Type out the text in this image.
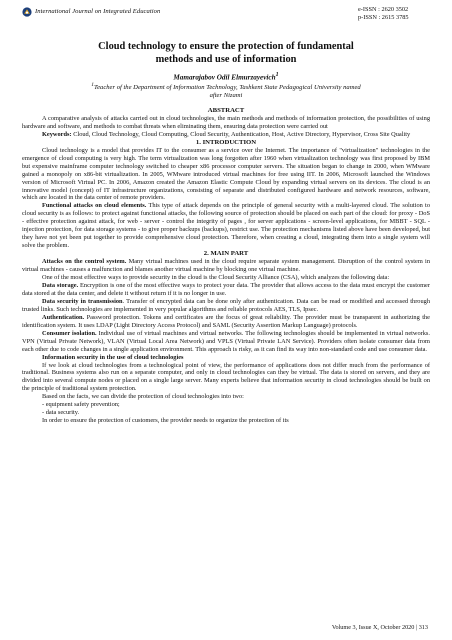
International Journal on Integrated Education	e-ISSN : 2620 3502
p-ISSN : 2615 3785
Cloud technology to ensure the protection of fundamental
methods and use of information
Mamarajabov Odil Elmurzayevich$^1$
$^1$Teacher of the Department of Information Technology, Tashkent State Pedagogical University named after Nizami

ABSTRACT

A comparative analysis of attacks carried out in cloud technologies, the main methods and methods of information protection, the possibilities of using hardware and software, and methods to combat threats when eliminating them, ensuring data protection were carried out

Keywords: Cloud, Cloud Technology, Cloud Computing, Cloud Security, Authentication, Host, Active Directory, Hypervisor, Cross Site Quality

1. INTRODUCTION

Cloud technology is a model that provides IT to the consumer as a service over the Internet. The importance of "virtualization" technologies in the emergence of cloud computing is very high. The term virtualization was long forgotten after 1960 when virtualization technology was first proposed by IBM but expensive mainframe computer technology switched to cheaper x86 processor computer servers. The situation began to change in 2000, when WMware gained a monopoly on x86-bit virtualization. In 2005, WMware introduced virtual machines for free using IIT. In 2006, Microsoft launched the Windows version of Microsoft Virtual PC. In 2006, Amazon created the Amazon Elastic Compute Cloud by expanding virtual servers on its devices. The cloud is an innovative model (concept) of IT infrastructure organizations, consisting of separate and distributed configured hardware and network resources, software, which are located in the data center of remote providers.

Functional attacks on cloud elements. This type of attack depends on the principle of general security with a multi-layered cloud. The solution to cloud security is as follows: to protect against functional attacks, the following source of protection should be placed on each part of the cloud: for proxy - DoS - effective protection against attack, for web - server - control the integrity of pages , for server applications - screen-level applications, for MBBT - SQL - injection protection, for data storage systems - to give proper backups (backups), restrict use. The protection mechanisms listed above have been developed, but they have not yet been put together to provide comprehensive cloud protection. Therefore, when creating a cloud, integrating them into a single system will solve the problem.

2. MAIN PART

Attacks on the control system. Many virtual machines used in the cloud require separate system management. Disruption of the control system in virtual machines - causes a malfunction and blames another virtual machine by blocking one virtual machine.

One of the most effective ways to provide security in the cloud is the Cloud Security Alliance (CSA), which analyzes the following data:

Data storage. Encryption is one of the most effective ways to protect your data. The provider that allows access to the data must encrypt the customer data stored at the data center, and delete it without return if it is no longer in use.

Data security in transmission. Transfer of encrypted data can be done only after authentication. Data can be read or modified and accessed through trusted links. Such technologies are implemented in very popular algorithms and reliable protocols AES, TLS, Ipsec.

Authentication. Password protection. Tokens and certificates are the focus of great reliability. The provider must be transparent in authorizing the identification system. It uses LDAP (Light Directory Access Protocol) and SAML (Security Assertion Markup Language) protocols.

Consumer isolation. Individual use of virtual machines and virtual networks. The following technologies should be implemented in virtual networks. VPN (Virtual Private Network), VLAN (Virtual Local Area Network) and VPLS (Virtual Private LAN Service). Providers often isolate consumer data from each other due to code changes in a single application environment. This approach is risky, as it can find its way into non-standard code and use consumer data.

Information security in the use of cloud technologies

If we look at cloud technologies from a technological point of view, the performance of applications does not differ much from the performance of traditional. Business systems also run on a separate computer, and only in cloud technologies can they be virtual. The data is stored on servers, and they are divided into several compute nodes or placed on a single large server. Many experts believe that information security in cloud technologies should be built on the principle of traditional system protection.

Based on the facts, we can divide the protection of cloud technologies into two:

- equipment safety prevention;

- data security.

In order to ensure the protection of customers, the provider needs to organize the protection of its

Volume 3, Issue X, October 2020 | 313
